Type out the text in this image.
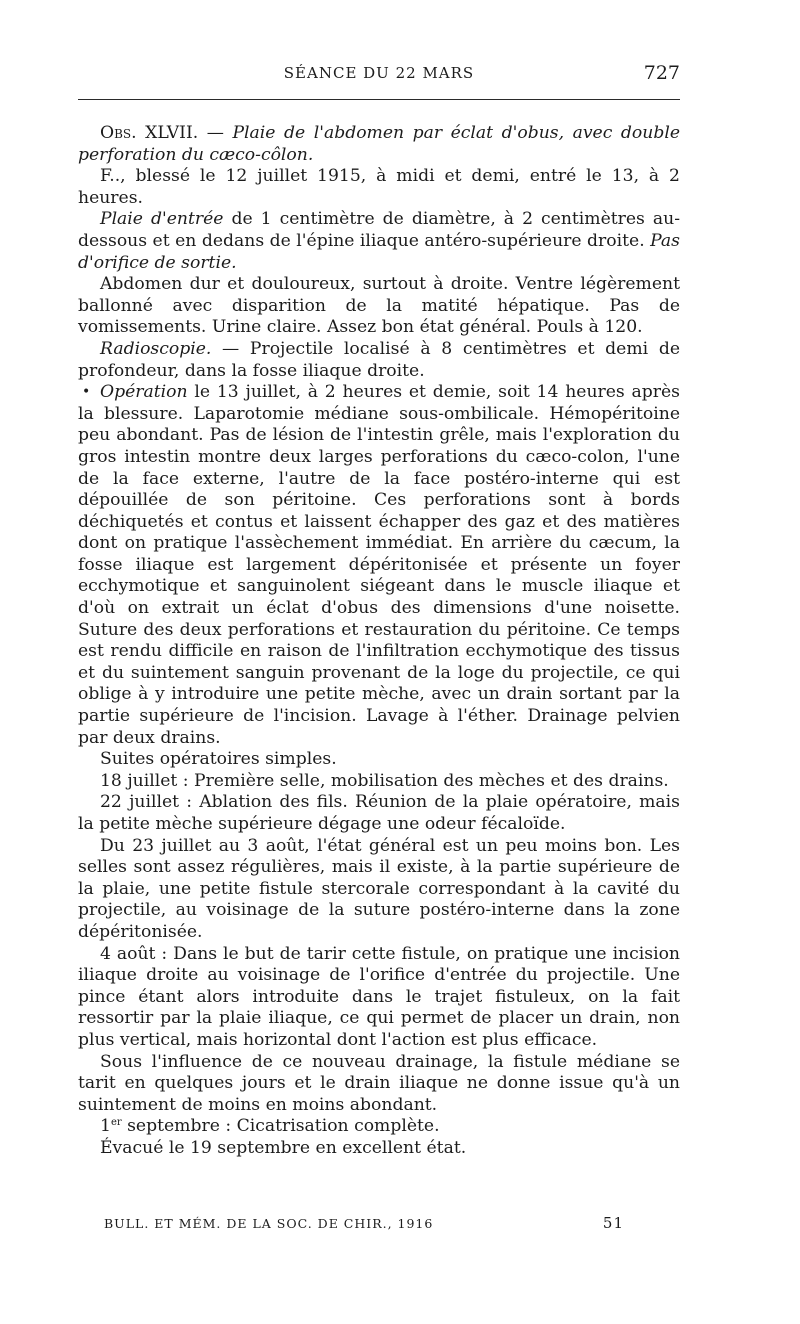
SÉANCE DU 22 MARS	727

Obs. XLVII. — Plaie de l'abdomen par éclat d'obus, avec double perforation du cæco-côlon.

F.., blessé le 12 juillet 1915, à midi et demi, entré le 13, à 2 heures.

Plaie d'entrée de 1 centimètre de diamètre, à 2 centimètres au-dessous et en dedans de l'épine iliaque antéro-supérieure droite. Pas d'orifice de sortie.

Abdomen dur et douloureux, surtout à droite. Ventre légèrement ballonné avec disparition de la matité hépatique. Pas de vomissements. Urine claire. Assez bon état général. Pouls à 120.

Radioscopie. — Projectile localisé à 8 centimètres et demi de profondeur, dans la fosse iliaque droite.

• Opération le 13 juillet, à 2 heures et demie, soit 14 heures après la blessure. Laparotomie médiane sous-ombilicale. Hémopéritoine peu abondant. Pas de lésion de l'intestin grêle, mais l'exploration du gros intestin montre deux larges perforations du cæco-colon, l'une de la face externe, l'autre de la face postéro-interne qui est dépouillée de son péritoine. Ces perforations sont à bords déchiquetés et contus et laissent échapper des gaz et des matières dont on pratique l'assèchement immédiat. En arrière du cæcum, la fosse iliaque est largement dépéritonisée et présente un foyer ecchymotique et sanguinolent siégeant dans le muscle iliaque et d'où on extrait un éclat d'obus des dimensions d'une noisette. Suture des deux perforations et restauration du péritoine. Ce temps est rendu difficile en raison de l'infiltration ecchymotique des tissus et du suintement sanguin provenant de la loge du projectile, ce qui oblige à y introduire une petite mèche, avec un drain sortant par la partie supérieure de l'incision. Lavage à l'éther. Drainage pelvien par deux drains.

Suites opératoires simples.

18 juillet : Première selle, mobilisation des mèches et des drains.

22 juillet : Ablation des fils. Réunion de la plaie opératoire, mais la petite mèche supérieure dégage une odeur fécaloïde.

Du 23 juillet au 3 août, l'état général est un peu moins bon. Les selles sont assez régulières, mais il existe, à la partie supérieure de la plaie, une petite fistule stercorale correspondant à la cavité du projectile, au voisinage de la suture postéro-interne dans la zone dépéritonisée.

4 août : Dans le but de tarir cette fistule, on pratique une incision iliaque droite au voisinage de l'orifice d'entrée du projectile. Une pince étant alors introduite dans le trajet fistuleux, on la fait ressortir par la plaie iliaque, ce qui permet de placer un drain, non plus vertical, mais horizontal dont l'action est plus efficace.

Sous l'influence de ce nouveau drainage, la fistule médiane se tarit en quelques jours et le drain iliaque ne donne issue qu'à un suintement de moins en moins abondant.

1er septembre : Cicatrisation complète.

Évacué le 19 septembre en excellent état.

BULL. ET MÉM. DE LA SOC. DE CHIR., 1916	51
